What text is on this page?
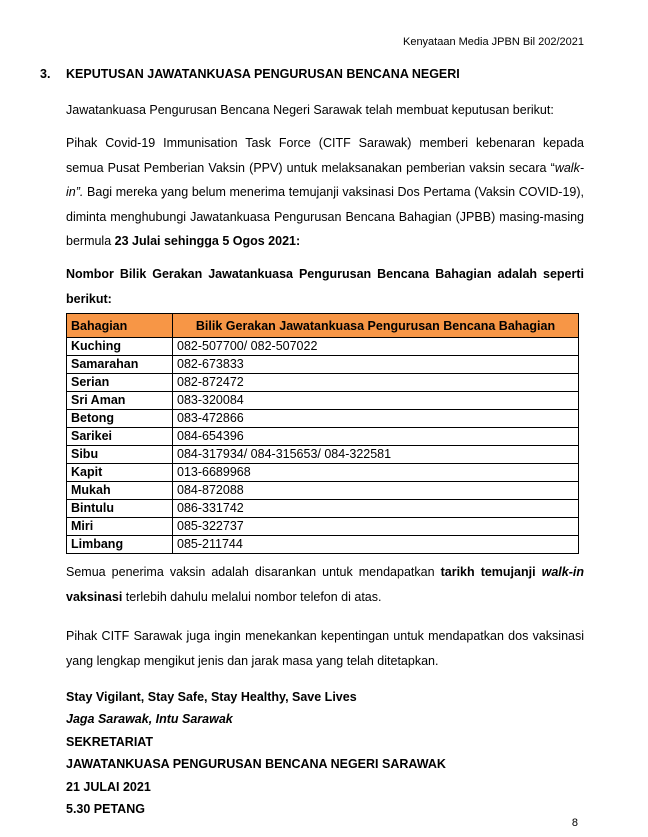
Kenyataan Media JPBN Bil 202/2021
3. KEPUTUSAN JAWATANKUASA PENGURUSAN BENCANA NEGERI
Jawatankuasa Pengurusan Bencana Negeri Sarawak telah membuat keputusan berikut:
Pihak Covid-19 Immunisation Task Force (CITF Sarawak) memberi kebenaran kepada semua Pusat Pemberian Vaksin (PPV) untuk melaksanakan pemberian vaksin secara “walk-in”. Bagi mereka yang belum menerima temujanji vaksinasi Dos Pertama (Vaksin COVID-19), diminta menghubungi Jawatankuasa Pengurusan Bencana Bahagian (JPBB) masing-masing bermula 23 Julai sehingga 5 Ogos 2021:
Nombor Bilik Gerakan Jawatankuasa Pengurusan Bencana Bahagian adalah seperti berikut:
Bahagian	Bilik Gerakan Jawatankuasa Pengurusan Bencana Bahagian
Kuching	082-507700/ 082-507022
Samarahan	082-673833
Serian	082-872472
Sri Aman	083-320084
Betong	083-472866
Sarikei	084-654396
Sibu	084-317934/ 084-315653/ 084-322581
Kapit	013-6689968
Mukah	084-872088
Bintulu	086-331742
Miri	085-322737
Limbang	085-211744
Semua penerima vaksin adalah disarankan untuk mendapatkan tarikh temujanji walk-in vaksinasi terlebih dahulu melalui nombor telefon di atas.
Pihak CITF Sarawak juga ingin menekankan kepentingan untuk mendapatkan dos vaksinasi yang lengkap mengikut jenis dan jarak masa yang telah ditetapkan.
Stay Vigilant, Stay Safe, Stay Healthy, Save Lives
Jaga Sarawak, Intu Sarawak
SEKRETARIAT
JAWATANKUASA PENGURUSAN BENCANA NEGERI SARAWAK
21 JULAI 2021
5.30 PETANG
8
